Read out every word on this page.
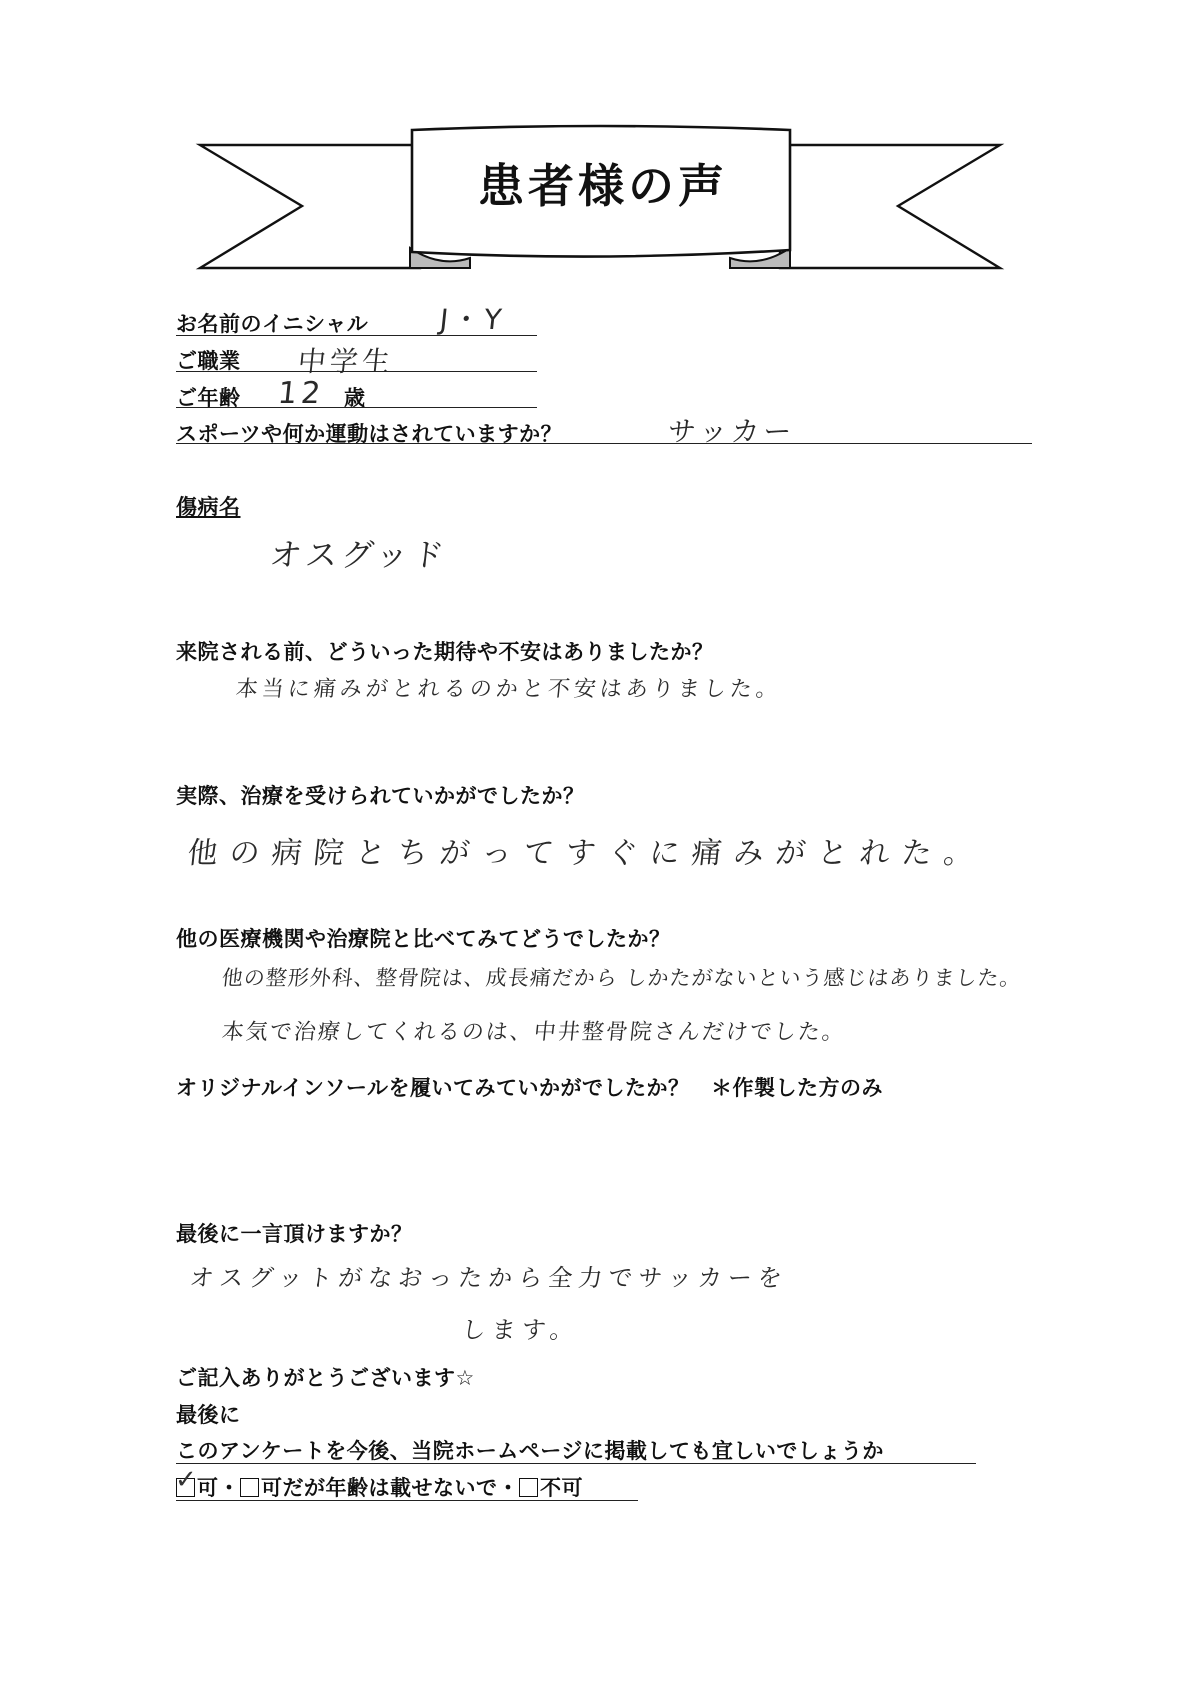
患者様の声
お名前のイニシャル J・Y
ご職業 中学生
ご年齢 12 歳
スポーツや何か運動はされていますか？	サッカー
傷病名
オスグッド
来院される前、どういった期待や不安はありましたか？
本当に痛みがとれるのかと不安はありました。
実際、治療を受けられていかがでしたか？
他の病院とちがってすぐに痛みがとれた。
他の医療機関や治療院と比べてみてどうでしたか？
他の整形外科、整骨院は、成長痛だから しかたがないという感じはありました。
本気で治療してくれるのは、中井整骨院さんだけでした。
オリジナルインソールを履いてみていかがでしたか？　＊作製した方のみ
最後に一言頂けますか？
オスグットがなおったから全力でサッカーを
します。
ご記入ありがとうございます☆
最後に
このアンケートを今後、当院ホームページに掲載しても宜しいでしょうか
✓ 可・ 可だが年齢は載せないで・ 不可
